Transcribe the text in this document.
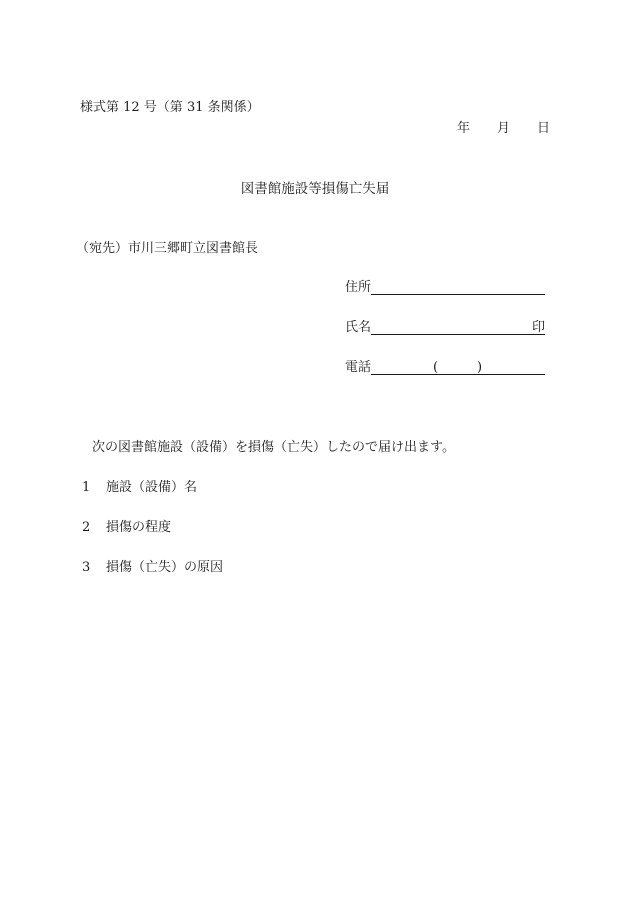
様式第 12 号（第 31 条関係）
年 月 日
図書館施設等損傷亡失届
（宛先）市川三郷町立図書館長
住所
氏名	印
電話	(	)
次の図書館施設（設備）を損傷（亡失）したので届け出ます。
1 施設（設備）名
2 損傷の程度
3 損傷（亡失）の原因
